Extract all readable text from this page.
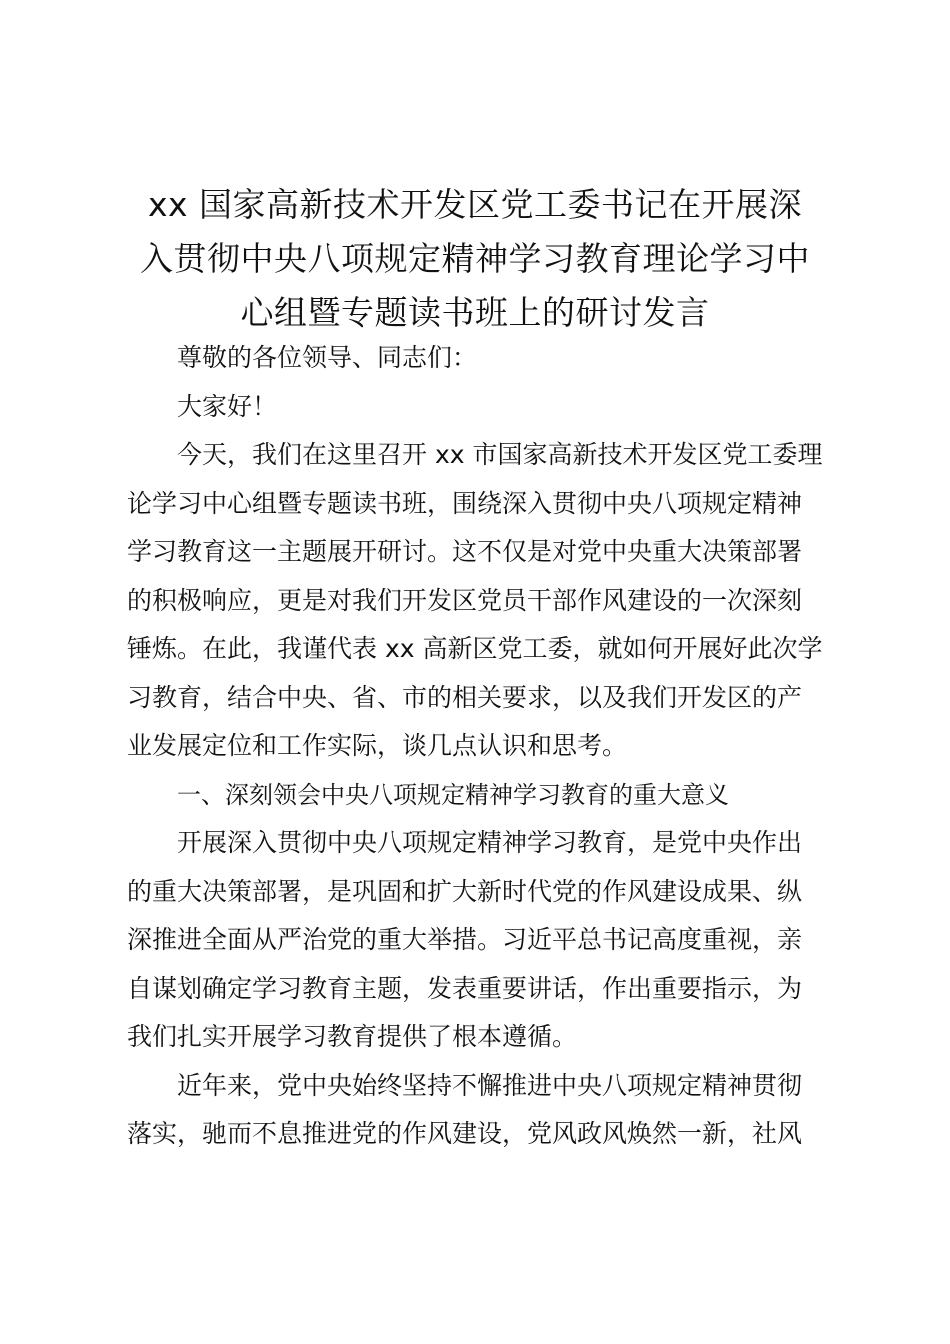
xx 国家高新技术开发区党工委书记在开展深
入贯彻中央八项规定精神学习教育理论学习中
心组暨专题读书班上的研讨发言

尊敬的各位领导、同志们：

大家好！

今天，我们在这里召开 xx 市国家高新技术开发区党工委理
论学习中心组暨专题读书班，围绕深入贯彻中央八项规定精神
学习教育这一主题展开研讨。这不仅是对党中央重大决策部署
的积极响应，更是对我们开发区党员干部作风建设的一次深刻
锤炼。在此，我谨代表 xx 高新区党工委，就如何开展好此次学
习教育，结合中央、省、市的相关要求，以及我们开发区的产
业发展定位和工作实际，谈几点认识和思考。

一、深刻领会中央八项规定精神学习教育的重大意义

开展深入贯彻中央八项规定精神学习教育，是党中央作出
的重大决策部署，是巩固和扩大新时代党的作风建设成果、纵
深推进全面从严治党的重大举措。习近平总书记高度重视，亲
自谋划确定学习教育主题，发表重要讲话，作出重要指示，为
我们扎实开展学习教育提供了根本遵循。
近年来，党中央始终坚持不懈推进中央八项规定精神贯彻
落实，驰而不息推进党的作风建设，党风政风焕然一新，社风
